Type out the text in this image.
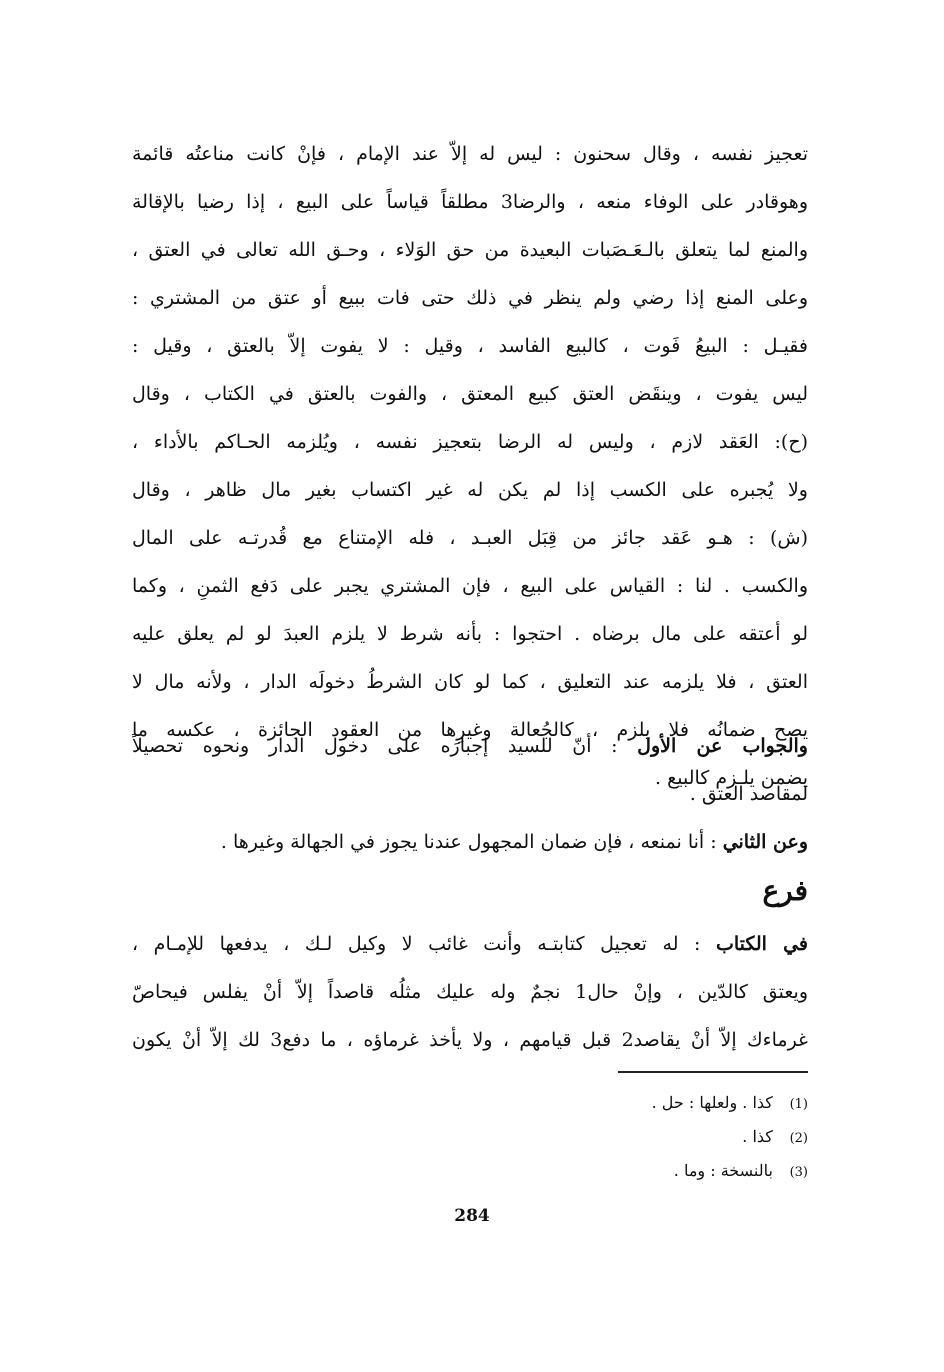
تعجيز نفسه ، وقال سحنون : ليس له إلاّ عند الإمام ، فإنْ كانت مناعتُه قائمة
وهوقادر على الوفاء منعه ، والرضا3 مطلقاً قياساً على البيع ، إذا رضيا بالإقالة
والمنع لما يتعلق بالـعَـصَبات البعيدة من حق الوَلاء ، وحـق الله تعالى في العتق ،
وعلى المنع إذا رضي ولم ينظر في ذلك حتى فات ببيع أو عتق من المشتري :
فقيـل : البيعُ فَوت ، كالبيع الفاسد ، وقيل : لا يفوت إلاّ بالعتق ، وقيل :
ليس يفوت ، وينقَض العتق كبيع المعتق ، والفوت بالعتق في الكتاب ، وقال
(ح): العَقد لازم ، وليس له الرضا بتعجيز نفسه ، ويُلزمه الحـاكم بالأداء ،
ولا يُجبره على الكسب إذا لم يكن له غير اكتساب بغير مال ظاهر ، وقال
(ش) : هـو عَقد جائز من قِبَل العبـد ، فله الإمتناع مع قُدرتـه على المال
والكسب . لنا : القياس على البيع ، فإن المشتري يجبر على دَفع الثمنِ ، وكما
لو أعتقه على مال برضاه . احتجوا : بأنه شرط لا يلزم العبدَ لو لم يعلق عليه
العتق ، فلا يلزمه عند التعليق ، كما لو كان الشرطُ دخولَه الدار ، ولأنه مال لا
يصح ضمانُه فلا يلزم ، كالجُعالة وغيرِها من العقود الجائزة ، عكسه ما
يضمن يلـزم كالبيع .
والجواب عن الأول : أنّ للسيد إجبارَه على دخول الدار ونحوه تحصيلاً
لمقاصد العتق .
وعن الثاني : أنا نمنعه ، فإن ضمان المجهول عندنا يجوز في الجهالة وغيرها .
فرع
في الكتاب : له تعجيل كتابتـه وأنت غائب لا وكيل لـك ، يدفعها للإمـام ،
ويعتق كالدّين ، وإنْ حال1 نجمٌ وله عليك مثلُه قاصداً إلاّ أنْ يفلس فيحاصّ
غرماءك إلاّ أنْ يقاصد2 قبل قيامهم ، ولا يأخذ غرماؤه ، ما دفع3 لك إلاّ أنْ يكون
(1) كذا . ولعلها : حل .
(2) كذا .
(3) بالنسخة : وما .
284
